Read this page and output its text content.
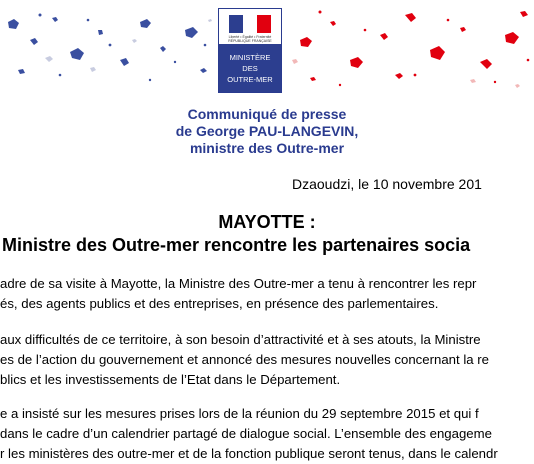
Liberté • Égalité • Fraternité
RÉPUBLIQUE FRANÇAISE
MINISTÈRE
DES
OUTRE-MER
Communiqué de presse
de George PAU-LANGEVIN,
ministre des Outre-mer
Dzaoudzi, le 10 novembre 201
MAYOTTE :
Ministre des Outre-mer rencontre les partenaires socia
adre de sa visite à Mayotte, la Ministre des Outre-mer a tenu à rencontrer les repr
és, des agents publics et des entreprises, en présence des parlementaires.
aux difficultés de ce territoire, à son besoin d’attractivité et à ses atouts, la Ministre
es de l’action du gouvernement et annoncé des mesures nouvelles concernant la re
blics et les investissements de l’Etat dans le Département.
e a insisté sur les mesures prises lors de la réunion du 29 septembre 2015 et qui f
dans le cadre d’un calendrier partagé de dialogue social. L’ensemble des engageme
r les ministères des outre-mer et de la fonction publique seront tenus, dans le calendr
